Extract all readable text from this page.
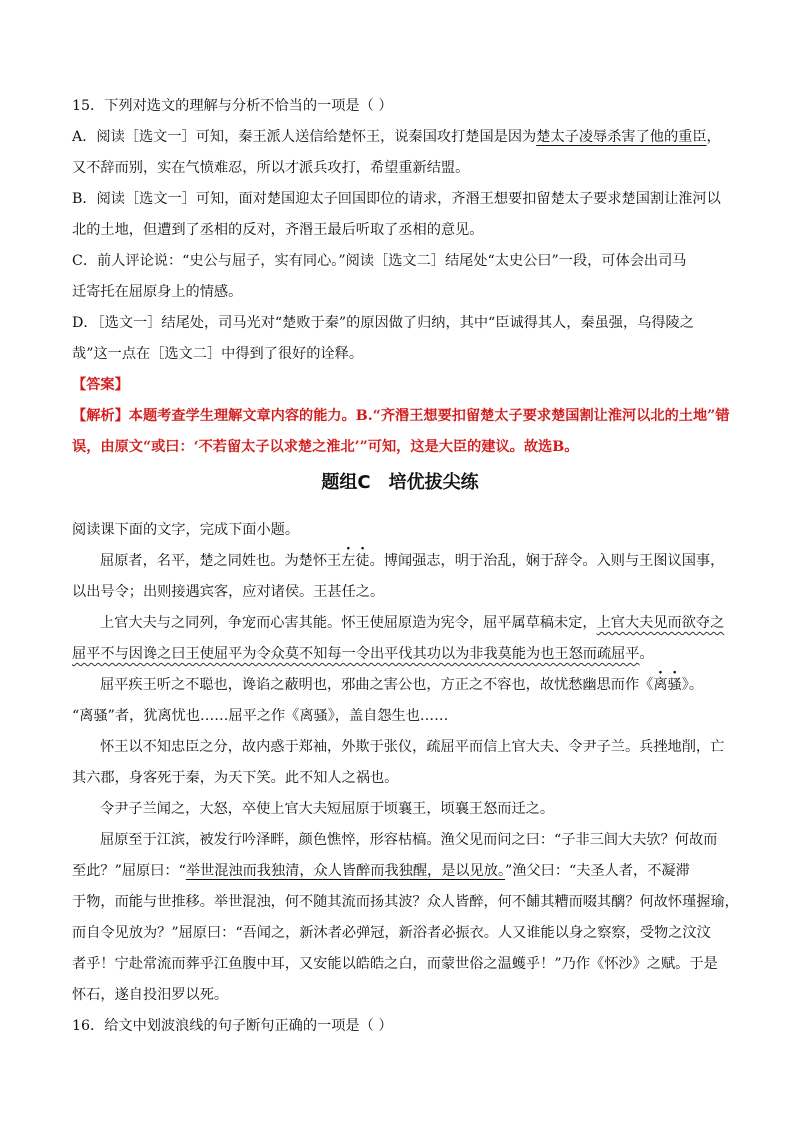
15．下列对选文的理解与分析不恰当的一项是（ ）
A．阅读［选文一］可知，秦王派人送信给楚怀王，说秦国攻打楚国是因为楚太子凌辱杀害了他的重臣，
又不辞而别，实在气愤难忍，所以才派兵攻打，希望重新结盟。
B．阅读［选文一］可知，面对楚国迎太子回国即位的请求，齐湣王想要扣留楚太子要求楚国割让淮河以
北的土地，但遭到了丞相的反对，齐湣王最后听取了丞相的意见。
C．前人评论说：“史公与屈子，实有同心。”阅读［选文二］结尾处“太史公曰”一段，可体会出司马
迁寄托在屈原身上的情感。
D．［选文一］结尾处，司马光对“楚败于秦”的原因做了归纳，其中“臣诚得其人，秦虽强，乌得陵之
哉”这一点在［选文二］中得到了很好的诠释。
【答案】
【解析】本题考查学生理解文章内容的能力。B.“齐湣王想要扣留楚太子要求楚国割让淮河以北的土地”错
误，由原文“或曰：‘不若留太子以求楚之淮北’”可知，这是大臣的建议。故选B。
题组C　培优拔尖练
阅读课下面的文字，完成下面小题。
屈原者，名平，楚之同姓也。为楚怀王左徒。博闻强志，明于治乱，娴于辞令。入则与王图议国事，
以出号令；出则接遇宾客，应对诸侯。王甚任之。
上官大夫与之同列，争宠而心害其能。怀王使屈原造为宪令，屈平属草稿未定，上官大夫见而欲夺之
屈平不与因谗之曰王使屈平为令众莫不知每一令出平伐其功以为非我莫能为也王怒而疏屈平。
屈平疾王听之不聪也，谗谄之蔽明也，邪曲之害公也，方正之不容也，故忧愁幽思而作《离骚》。
“离骚”者，犹离忧也……屈平之作《离骚》，盖自怨生也……
怀王以不知忠臣之分，故内惑于郑袖，外欺于张仪，疏屈平而信上官大夫、令尹子兰。兵挫地削，亡
其六郡，身客死于秦，为天下笑。此不知人之祸也。
令尹子兰闻之，大怒，卒使上官大夫短屈原于顷襄王，顷襄王怒而迁之。
屈原至于江滨，被发行吟泽畔，颜色憔悴，形容枯槁。渔父见而问之曰：“子非三闾大夫欤？何故而
至此？”屈原曰：“举世混浊而我独清，众人皆醉而我独醒，是以见放。”渔父曰：“夫圣人者，不凝滞
于物，而能与世推移。举世混浊，何不随其流而扬其波？众人皆醉，何不餔其糟而啜其醨？何故怀瑾握瑜，
而自令见放为？”屈原曰：“吾闻之，新沐者必弹冠，新浴者必振衣。人又谁能以身之察察，受物之汶汶
者乎！宁赴常流而葬乎江鱼腹中耳，又安能以皓皓之白，而蒙世俗之温蠖乎！”乃作《怀沙》之赋。于是
怀石，遂自投汨罗以死。
16．给文中划波浪线的句子断句正确的一项是（ ）
